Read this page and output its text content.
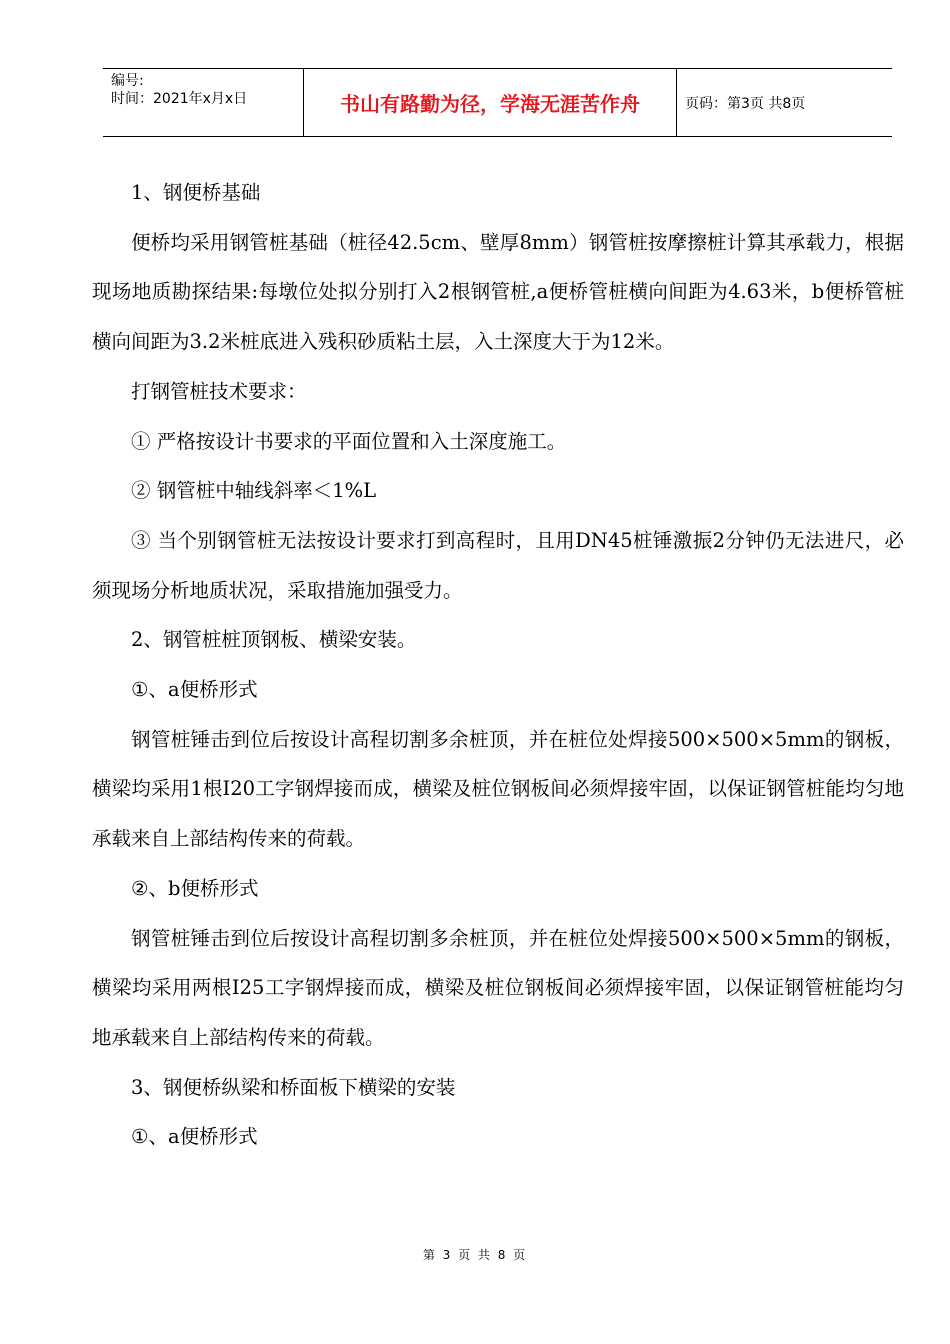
编号:
时间：2021年x月x日	书山有路勤为径，学海无涯苦作舟	页码：第3页 共8页

1、钢便桥基础

便桥均采用钢管桩基础（桩径42.5cm、壁厚8mm）钢管桩按摩擦桩计算其承载力，根据现场地质勘探结果:每墩位处拟分别打入2根钢管桩,a便桥管桩横向间距为4.63米，b便桥管桩横向间距为3.2米桩底进入残积砂质粘土层，入土深度大于为12米。

打钢管桩技术要求：

① 严格按设计书要求的平面位置和入土深度施工。

② 钢管桩中轴线斜率＜1%L

③ 当个别钢管桩无法按设计要求打到高程时，且用DN45桩锤激振2分钟仍无法进尺，必须现场分析地质状况，采取措施加强受力。

2、钢管桩桩顶钢板、横梁安装。

①、a便桥形式

钢管桩锤击到位后按设计高程切割多余桩顶，并在桩位处焊接500×500×5mm的钢板，横梁均采用1根I20工字钢焊接而成，横梁及桩位钢板间必须焊接牢固，以保证钢管桩能均匀地承载来自上部结构传来的荷载。

②、b便桥形式

钢管桩锤击到位后按设计高程切割多余桩顶，并在桩位处焊接500×500×5mm的钢板，横梁均采用两根I25工字钢焊接而成，横梁及桩位钢板间必须焊接牢固，以保证钢管桩能均匀地承载来自上部结构传来的荷载。

3、钢便桥纵梁和桥面板下横梁的安装

①、a便桥形式

第 3 页 共 8 页
